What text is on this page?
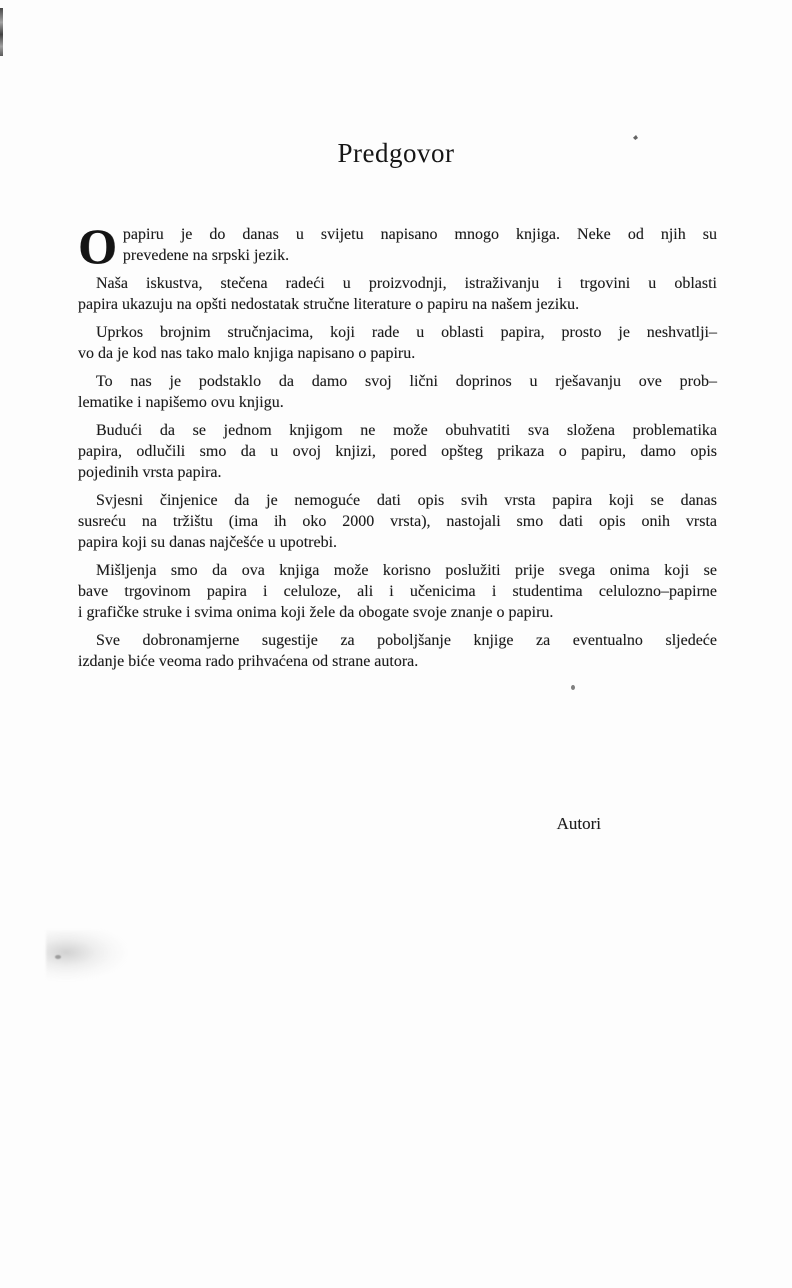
Predgovor
O papiru je do danas u svijetu napisano mnogo knjiga. Neke od njih su
prevedene na srpski jezik.
Naša iskustva, stečena radeći u proizvodnji, istraživanju i trgovini u oblasti
papira ukazuju na opšti nedostatak stručne literature o papiru na našem jeziku.
Uprkos brojnim stručnjacima, koji rade u oblasti papira, prosto je neshvatlji–
vo da je kod nas tako malo knjiga napisano o papiru.
To nas je podstaklo da damo svoj lični doprinos u rješavanju ove prob–
lematike i napišemo ovu knjigu.
Budući da se jednom knjigom ne može obuhvatiti sva složena problematika
papira, odlučili smo da u ovoj knjizi, pored opšteg prikaza o papiru, damo opis
pojedinih vrsta papira.
Svjesni činjenice da je nemoguće dati opis svih vrsta papira koji se danas
susreću na tržištu (ima ih oko 2000 vrsta), nastojali smo dati opis onih vrsta
papira koji su danas najčešće u upotrebi.
Mišljenja smo da ova knjiga može korisno poslužiti prije svega onima koji se
bave trgovinom papira i celuloze, ali i učenicima i studentima celulozno–papirne
i grafičke struke i svima onima koji žele da obogate svoje znanje o papiru.
Sve dobronamjerne sugestije za poboljšanje knjige za eventualno sljedeće
izdanje biće veoma rado prihvaćena od strane autora.
Autori
